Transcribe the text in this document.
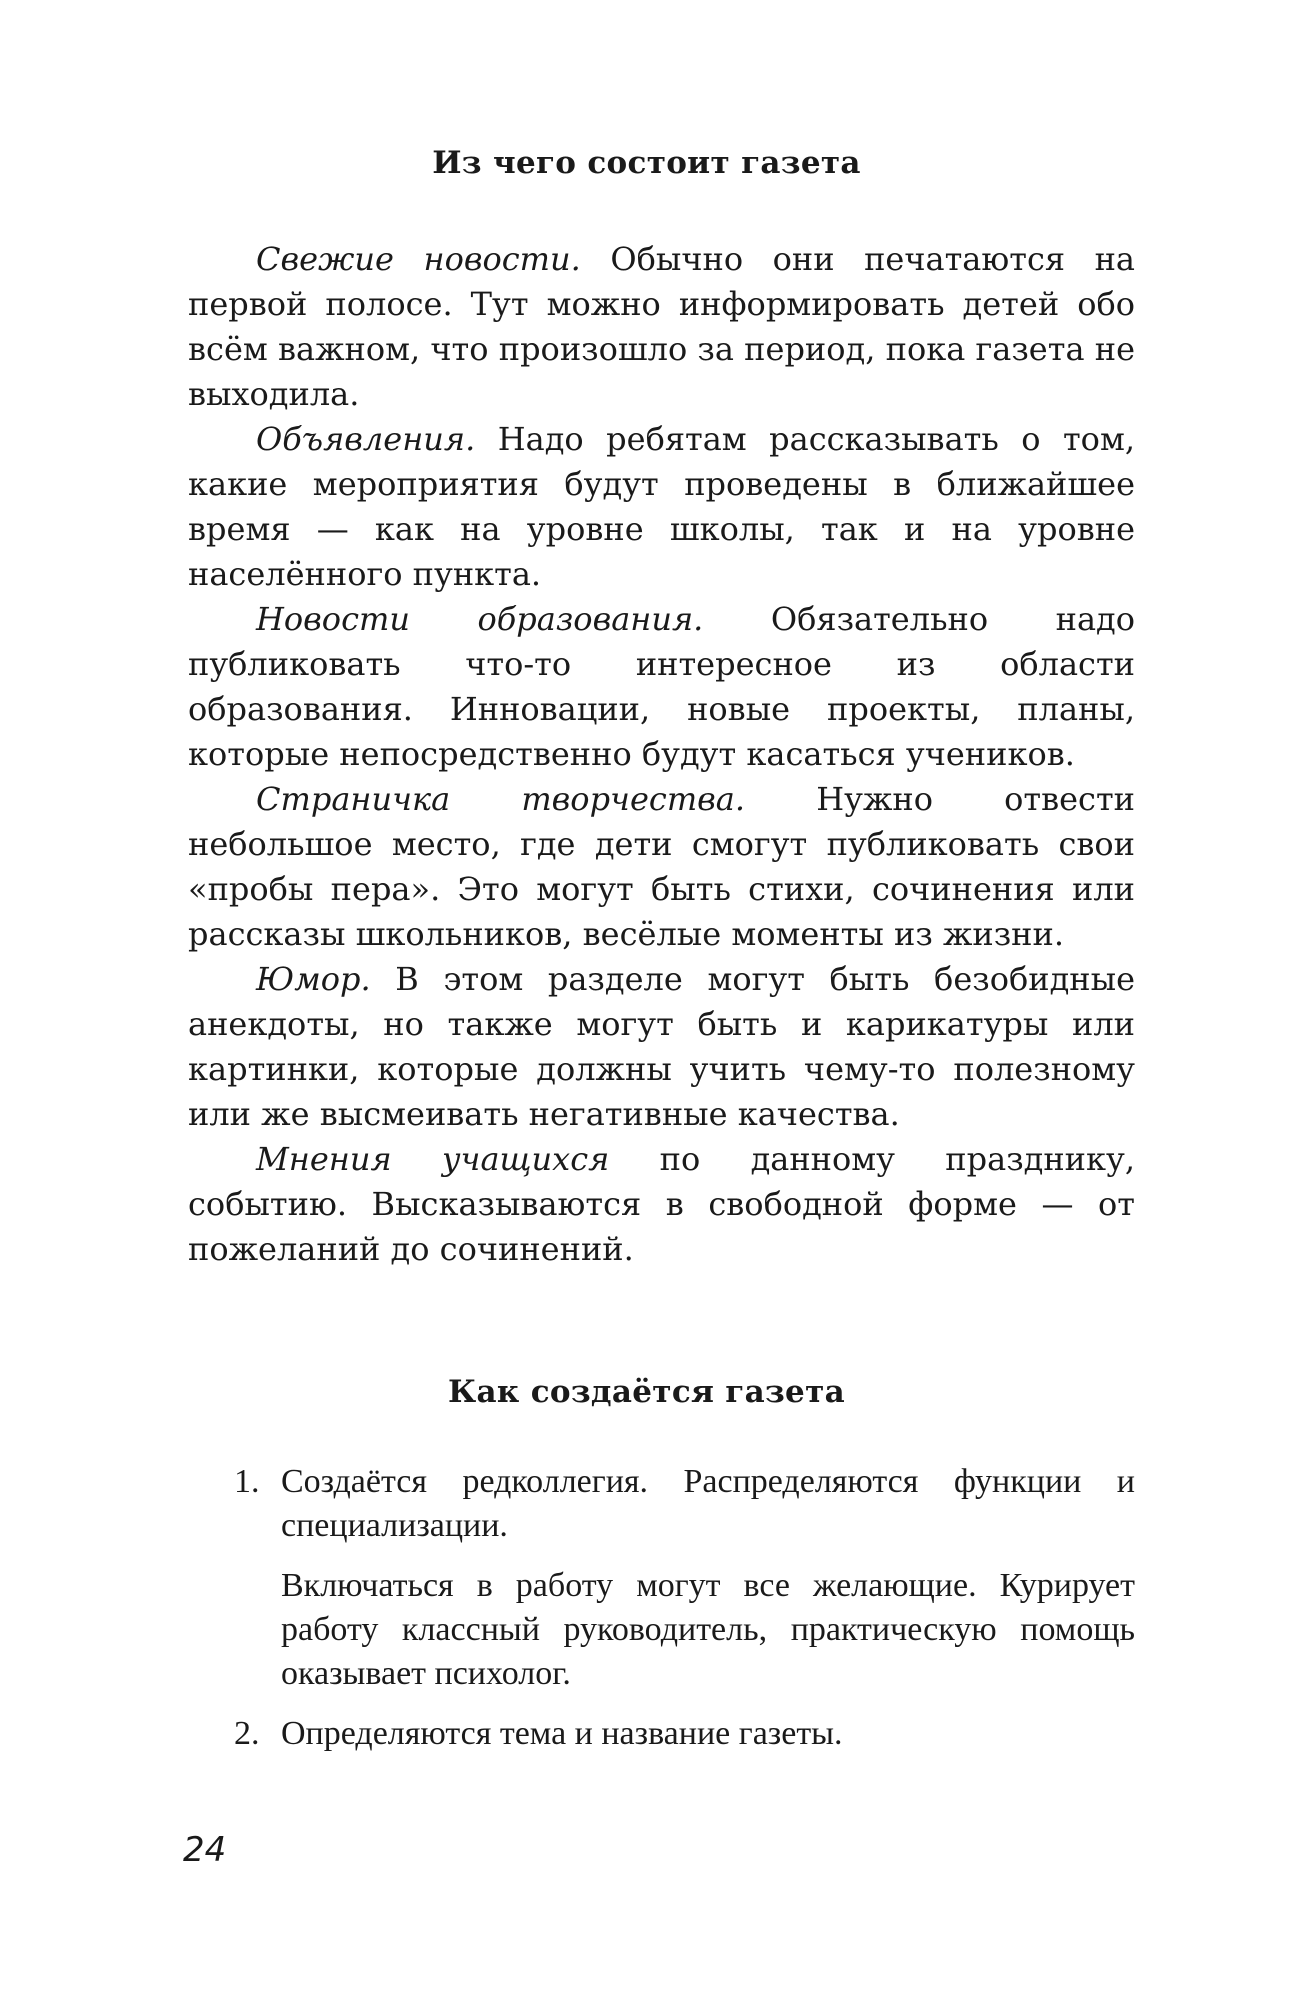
Из чего состоит газета

Свежие новости. Обычно они печатаются на первой полосе. Тут можно информировать детей обо всём важном, что произошло за период, пока газета не выходила.

Объявления. Надо ребятам рассказывать о том, какие мероприятия будут проведены в ближайшее время — как на уровне школы, так и на уровне населённого пункта.

Новости образования. Обязательно надо публиковать что-то интересное из области образования. Инновации, новые проекты, планы, которые непосредственно будут касаться учеников.

Страничка творчества. Нужно отвести небольшое место, где дети смогут публиковать свои «пробы пера». Это могут быть стихи, сочинения или рассказы школьников, весёлые моменты из жизни.

Юмор. В этом разделе могут быть безобидные анекдоты, но также могут быть и карикатуры или картинки, которые должны учить чему-то полезному или же высмеивать негативные качества.

Мнения учащихся по данному празднику, событию. Высказываются в свободной форме — от пожеланий до сочинений.

Как создаётся газета
1. Создаётся редколлегия. Распределяются функции и специализации.

Включаться в работу могут все желающие. Курирует работу классный руководитель, практическую помощь оказывает психолог.

2. Определяются тема и название газеты.

24
